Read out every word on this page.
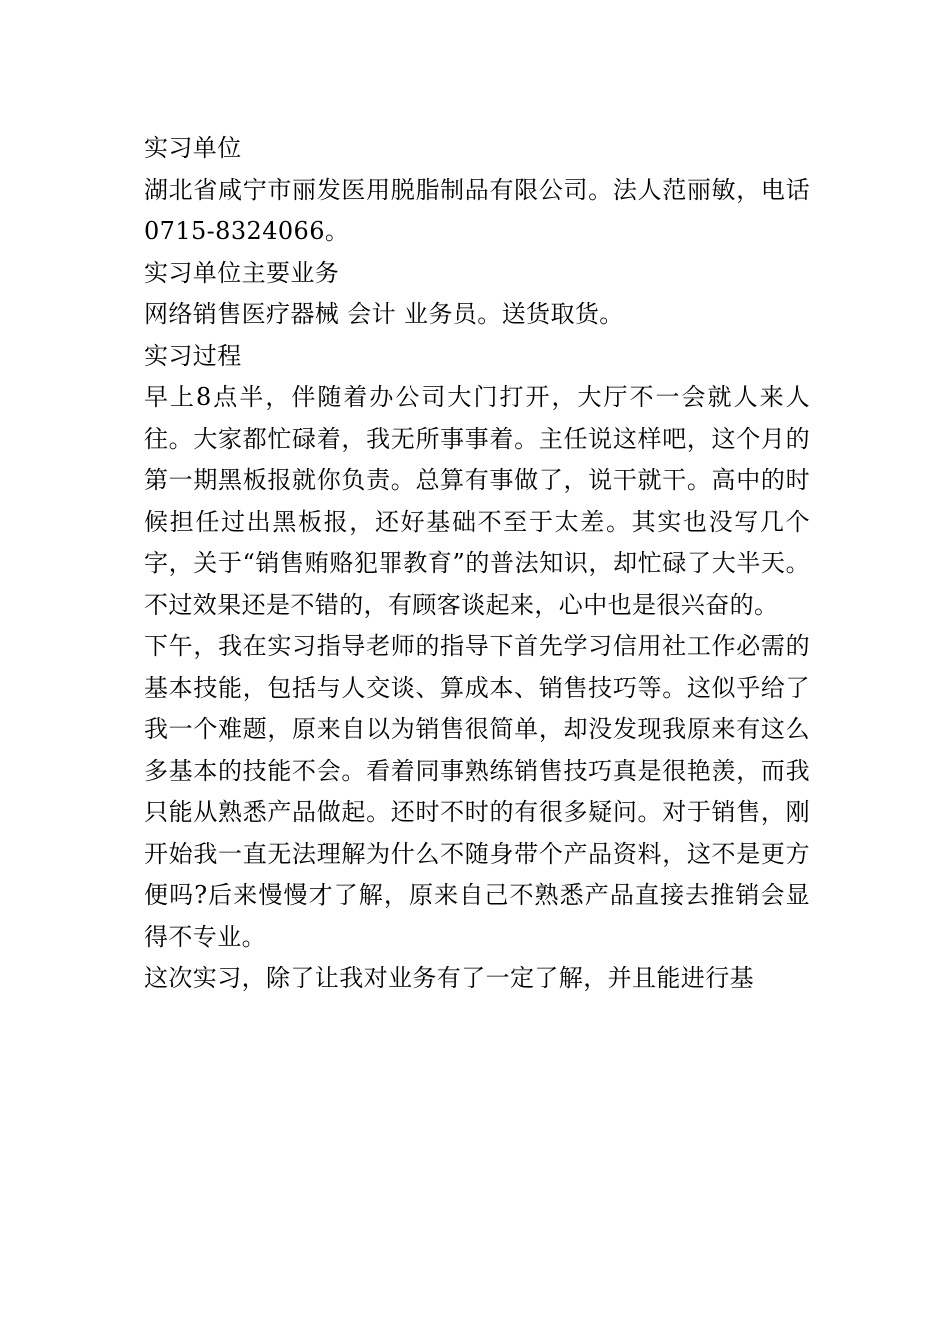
实习单位

湖北省咸宁市丽发医用脱脂制品有限公司。法人范丽敏，电话0715-8324066。

实习单位主要业务

网络销售医疗器械 会计 业务员。送货取货。

实习过程

早上8点半，伴随着办公司大门打开，大厅不一会就人来人往。大家都忙碌着，我无所事事着。主任说这样吧，这个月的第一期黑板报就你负责。总算有事做了，说干就干。高中的时候担任过出黑板报，还好基础不至于太差。其实也没写几个字，关于“销售贿赂犯罪教育”的普法知识，却忙碌了大半天。不过效果还是不错的，有顾客谈起来，心中也是很兴奋的。

下午，我在实习指导老师的指导下首先学习信用社工作必需的基本技能，包括与人交谈、算成本、销售技巧等。这似乎给了我一个难题，原来自以为销售很简单，却没发现我原来有这么多基本的技能不会。看着同事熟练销售技巧真是很艳羡，而我只能从熟悉产品做起。还时不时的有很多疑问。对于销售，刚开始我一直无法理解为什么不随身带个产品资料，这不是更方便吗?后来慢慢才了解，原来自己不熟悉产品直接去推销会显得不专业。

这次实习，除了让我对业务有了一定了解，并且能进行基
